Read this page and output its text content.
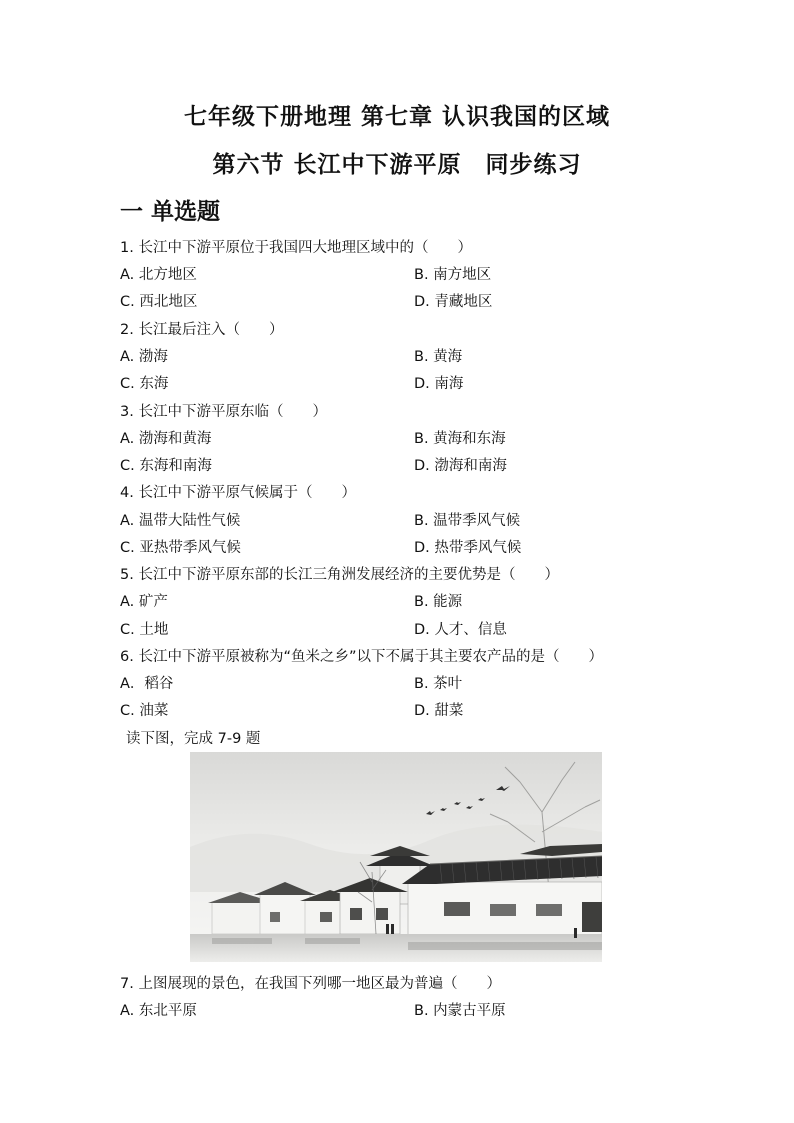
七年级下册地理 第七章 认识我国的区域
第六节 长江中下游平原　同步练习
一 单选题
1. 长江中下游平原位于我国四大地理区域中的（　　）
A. 北方地区	B. 南方地区
C. 西北地区	D. 青藏地区
2. 长江最后注入（　　）
A. 渤海	B. 黄海
C. 东海	D. 南海
3. 长江中下游平原东临（　　）
A. 渤海和黄海	B. 黄海和东海
C. 东海和南海	D. 渤海和南海
4. 长江中下游平原气候属于（　　）
A. 温带大陆性气候	B. 温带季风气候
C. 亚热带季风气候	D. 热带季风气候
5. 长江中下游平原东部的长江三角洲发展经济的主要优势是（　　）
A. 矿产	B. 能源
C. 土地	D. 人才、信息
6. 长江中下游平原被称为“鱼米之乡”以下不属于其主要农产品的是（　　）
A．稻谷	B. 茶叶
C. 油菜	D. 甜菜
读下图，完成 7-9 题
7. 上图展现的景色，在我国下列哪一地区最为普遍（　　）
A. 东北平原	B. 内蒙古平原
